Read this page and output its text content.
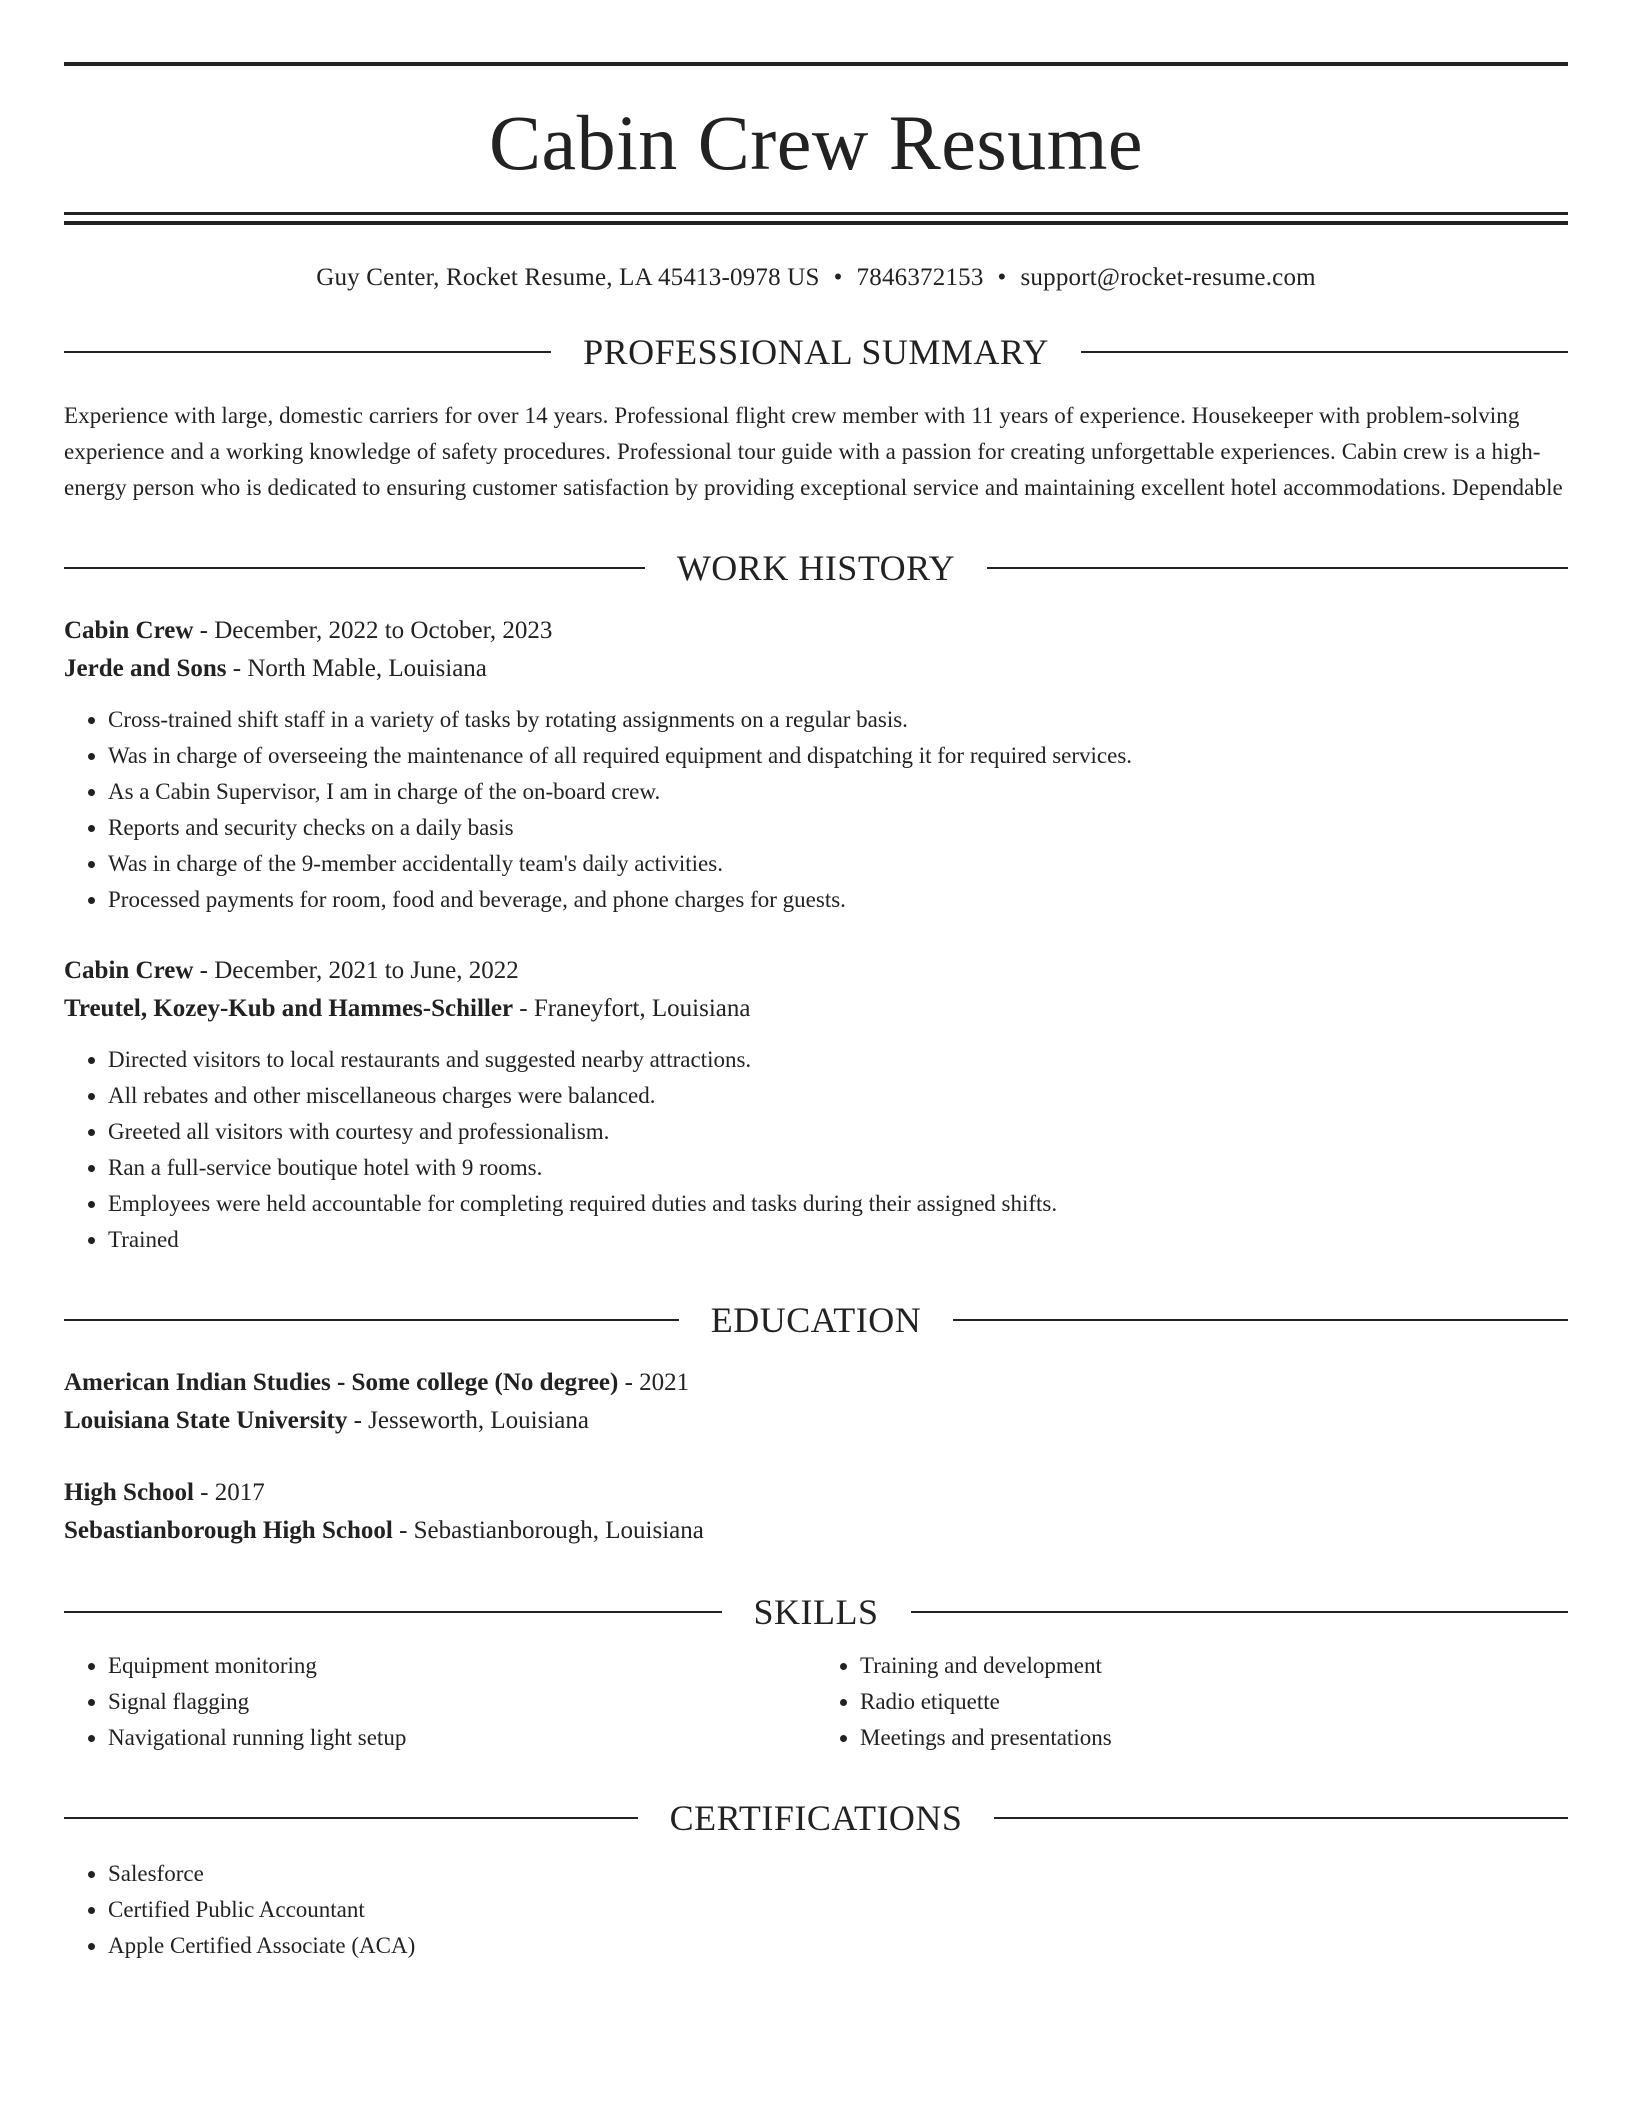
Cabin Crew Resume
Guy Center, Rocket Resume, LA 45413-0978 US • 7846372153 • support@rocket-resume.com
PROFESSIONAL SUMMARY
Experience with large, domestic carriers for over 14 years. Professional flight crew member with 11 years of experience. Housekeeper with problem-solving experience and a working knowledge of safety procedures. Professional tour guide with a passion for creating unforgettable experiences. Cabin crew is a high-energy person who is dedicated to ensuring customer satisfaction by providing exceptional service and maintaining excellent hotel accommodations. Dependable
WORK HISTORY
Cabin Crew - December, 2022 to October, 2023
Jerde and Sons - North Mable, Louisiana
• Cross-trained shift staff in a variety of tasks by rotating assignments on a regular basis.
• Was in charge of overseeing the maintenance of all required equipment and dispatching it for required services.
• As a Cabin Supervisor, I am in charge of the on-board crew.
• Reports and security checks on a daily basis
• Was in charge of the 9-member accidentally team's daily activities.
• Processed payments for room, food and beverage, and phone charges for guests.
Cabin Crew - December, 2021 to June, 2022
Treutel, Kozey-Kub and Hammes-Schiller - Franeyfort, Louisiana
• Directed visitors to local restaurants and suggested nearby attractions.
• All rebates and other miscellaneous charges were balanced.
• Greeted all visitors with courtesy and professionalism.
• Ran a full-service boutique hotel with 9 rooms.
• Employees were held accountable for completing required duties and tasks during their assigned shifts.
• Trained
EDUCATION
American Indian Studies - Some college (No degree) - 2021
Louisiana State University - Jesseworth, Louisiana
High School - 2017
Sebastianborough High School - Sebastianborough, Louisiana
SKILLS
• Equipment monitoring
• Signal flagging
• Navigational running light setup
• Training and development
• Radio etiquette
• Meetings and presentations
CERTIFICATIONS
• Salesforce
• Certified Public Accountant
• Apple Certified Associate (ACA)
